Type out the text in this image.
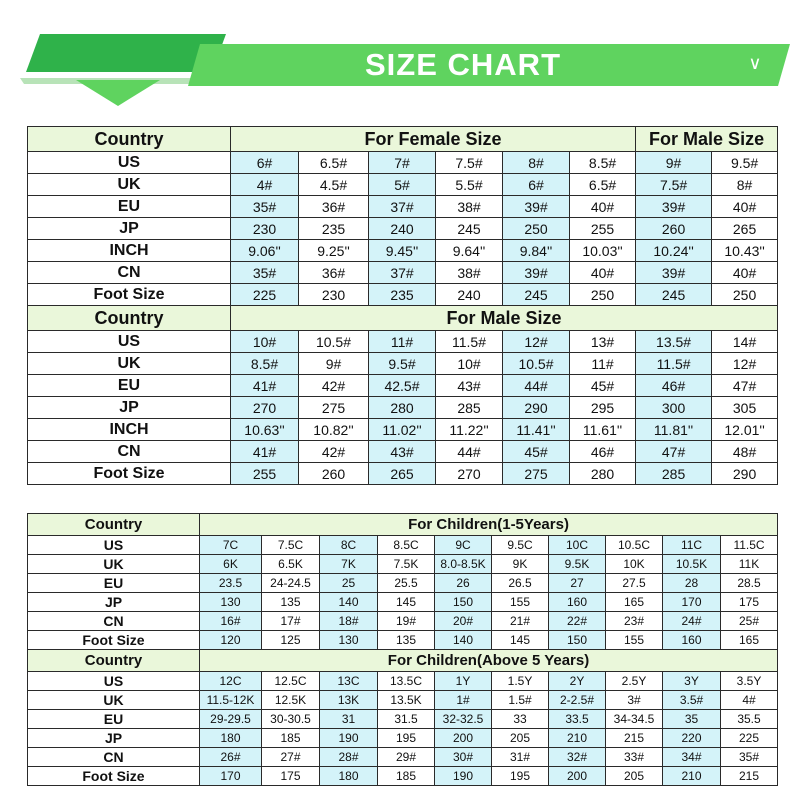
SIZE CHART	∨
Country	For Female Size						For Male Size	
US	6#	6.5#	7#	7.5#	8#	8.5#	9#	9.5#
UK	4#	4.5#	5#	5.5#	6#	6.5#	7.5#	8#
EU	35#	36#	37#	38#	39#	40#	39#	40#
JP	230	235	240	245	250	255	260	265
INCH	9.06''	9.25''	9.45''	9.64''	9.84''	10.03''	10.24''	10.43''
CN	35#	36#	37#	38#	39#	40#	39#	40#
Foot Size	225	230	235	240	245	250	245	250
Country	For Male Size							
US	10#	10.5#	11#	11.5#	12#	13#	13.5#	14#
UK	8.5#	9#	9.5#	10#	10.5#	11#	11.5#	12#
EU	41#	42#	42.5#	43#	44#	45#	46#	47#
JP	270	275	280	285	290	295	300	305
INCH	10.63''	10.82''	11.02''	11.22''	11.41''	11.61''	11.81''	12.01''
CN	41#	42#	43#	44#	45#	46#	47#	48#
Foot Size	255	260	265	270	275	280	285	290
Country	For Children(1-5Years)									
US	7C	7.5C	8C	8.5C	9C	9.5C	10C	10.5C	11C	11.5C
UK	6K	6.5K	7K	7.5K	8.0-8.5K	9K	9.5K	10K	10.5K	11K
EU	23.5	24-24.5	25	25.5	26	26.5	27	27.5	28	28.5
JP	130	135	140	145	150	155	160	165	170	175
CN	16#	17#	18#	19#	20#	21#	22#	23#	24#	25#
Foot Size	120	125	130	135	140	145	150	155	160	165
Country	For Children(Above 5 Years)									
US	12C	12.5C	13C	13.5C	1Y	1.5Y	2Y	2.5Y	3Y	3.5Y
UK	11.5-12K	12.5K	13K	13.5K	1#	1.5#	2-2.5#	3#	3.5#	4#
EU	29-29.5	30-30.5	31	31.5	32-32.5	33	33.5	34-34.5	35	35.5
JP	180	185	190	195	200	205	210	215	220	225
CN	26#	27#	28#	29#	30#	31#	32#	33#	34#	35#
Foot Size	170	175	180	185	190	195	200	205	210	215
